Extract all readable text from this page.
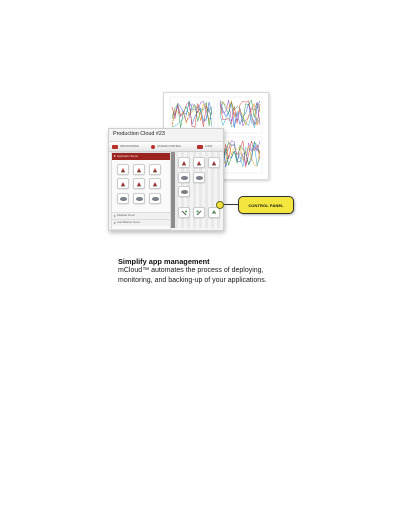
Production Cloud #23
PROVISIONING	ACCESS CONTROL	LOGS
Application Server
Database Server
Load Balancer Server
CONTROL PANEL
Simplify app management
mCloud™ automates the process of deploying,
monitoring, and backing-up of your applications.
